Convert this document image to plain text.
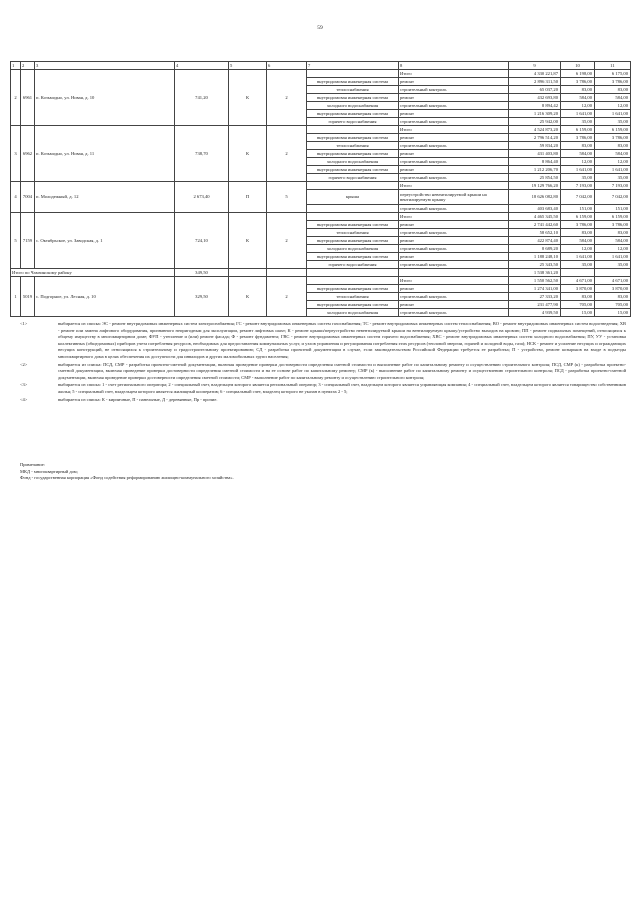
59
1	2	3	4	5	6	7	8	9	10	11
2	6961	п. Козьмодно, ул. Новая, д. 10	741,20	К	2		Итого	4 330 221,87	6 198,00	6 175,00
						внутридомовая инженерная система	ремонт	2 896 311,50	3 786,00	3 786,00
						теплоснабжения	строительный контроль	65 037,20	83,00	83,00
						внутридомовая инженерная система	ремонт	432 693,80	584,00	584,00
						холодного водоснабжения	строительный контроль	8 894,42	12,00	12,00
						внутридомовая инженерная система	ремонт	1 216 309,20	1 641,00	1 641,00
						горячего водоснабжения	строительный контроль	25 942,00	35,00	35,00
3	6962	п. Козьмодно, ул. Новая, д. 11	738,70	К	2		Итого	4 524 873,20	6 159,00	6 159,00
						внутридомовая инженерная система	ремонт	2 796 514,20	3 786,00	3 786,00
						теплоснабжения	строительный контроль	59 834,20	83,00	83,00
						внутридомовая инженерная система	ремонт	431 403,80	584,00	584,00
						холодного водоснабжения	строительный контроль	8 864,40	12,00	12,00
						внутридомовая инженерная система	ремонт	1 212 206,70	1 641,00	1 641,00
						горячего водоснабжения	строительный контроль	25 854,50	35,00	35,00
4	7004	п. Молодежный, д. 12	2 673,40	П	5		Итого	19 129 766,20	7 193,00	7 193,00
						крыша	переустройство невентилируемой крыши на вентилируемую крышу	18 626 082,80	7 042,00	7 042,00
							строительный контроль	403 683,40	151,00	151,00
5	7159	с. Октябрьское, ул. Заводская, д. 1	724,10	К	2		Итого	4 465 345,50	6 159,00	6 159,00
						внутридомовая инженерная система	ремонт	2 741 442,60	3 786,00	3 786,00
						теплоснабжения	строительный контроль	58 652,10	83,00	83,00
						внутридомовая инженерная система	ремонт	422 874,40	584,00	584,00
						холодного водоснабжения	строительный контроль	8 689,20	12,00	12,00
						внутридомовая инженерная система	ремонт	1 188 248,10	1 641,00	1 641,00
						горячего водоснабжения	строительный контроль	25 343,50	35,00	35,00
Итого по Чамзинскому району			349,50					1 538 361,20		
1	5019	с. Подгорное, ул. Лесная, д. 10	329,50	К	2		Итого	1 550 562,50	4 671,00	4 671,00
						внутридомовая инженерная система	ремонт	1 274 341,00	3 870,00	3 870,00
						теплоснабжения	строительный контроль	27 333,20	83,00	83,00
						внутридомовая инженерная система	ремонт	231 477,90	705,00	705,00
						холодного водоснабжения	строительный контроль	4 939,50	15,00	15,00
<1>	выбирается из списка: ЭС - ремонт внутридомовых инженерных систем электроснабжения; ГС - ремонт внутридомовых инженерных систем газоснабжения; ТС - ремонт внутридомовых инженерных систем теплоснабжения; ВО - ремонт внутридомовых инженерных систем водоотведения; ХВ - ремонт или замена лифтового оборудования, признанного непригодным для эксплуатации, ремонт лифтовых шахт; К - ремонт крыши/переустройство невентилируемой крыши на вентилируемую крышу/устройство выходов на кровлю; ПП - ремонт подвальных помещений, относящихся к общему имуществу в многоквартирном доме; ФУП - утепление и (или) ремонт фасада; Ф - ремонт фундамента; ГВС - ремонт внутридомовых инженерных систем горячего водоснабжения; ХВС - ремонт внутридомовых инженерных систем холодного водоснабжения; ПУ, УУ - установка коллективных (общедомовых) приборов учета потребления ресурсов, необходимых для предоставления коммунальных услуг, и узлов управления и регулирования потребления этих ресурсов (тепловой энергии, горячей и холодной воды, газа); НСК - ремонт и усиление несущих и ограждающих несущих конструкций, не относящихся к строительному и градостроительному проектированию; СД - разработка проектной документации в случае, если законодательством Российской Федерации требуется ее разработка; П - устройство, ремонт козырьков на входе в подъезды многоквартирного дома в целях обеспечения их доступности для инвалидов и других маломобильных групп населения;
<2>	выбирается из списка: ПСД, СМР - разработка проектно-сметной документации, включая проведение проверки достоверности определения сметной стоимости и выполнение работ по капитальному ремонту и осуществлению строительного контроля; ПСД, СМР (к) - разработка проектно-сметной документации, включая проведение проверки достоверности определения сметной стоимости и на ее основе работ по капитальному ремонту; СМР (к) - выполнение работ по капитальному ремонту и осуществлению строительного контроля; ПСД - разработка проектно-сметной документации, включая проведение проверки достоверности определения сметной стоимости; СМР - выполнение работ по капитальному ремонту и осуществлению строительного контроля;
<3>	выбирается из списка: 1 - счет регионального оператора; 2 - специальный счет, владельцем которого является региональный оператор; 3 - специальный счет, владельцем которого является управляющая компания; 4 - специальный счет, владельцем которого является товарищество собственников жилья; 5 - специальный счет, владельцем которого является жилищный кооператив; 6 - специальный счет, владелец которого не указан в пунктах 2 - 5;
<4>	выбирается из списка: К - кирпичные, П - панельные, Д - деревянные, Пр - прочие.
Примечание:
МКД - многоквартирный дом;
Фонд - государственная корпорация «Фонд содействия реформированию жилищно-коммунального хозяйства».
